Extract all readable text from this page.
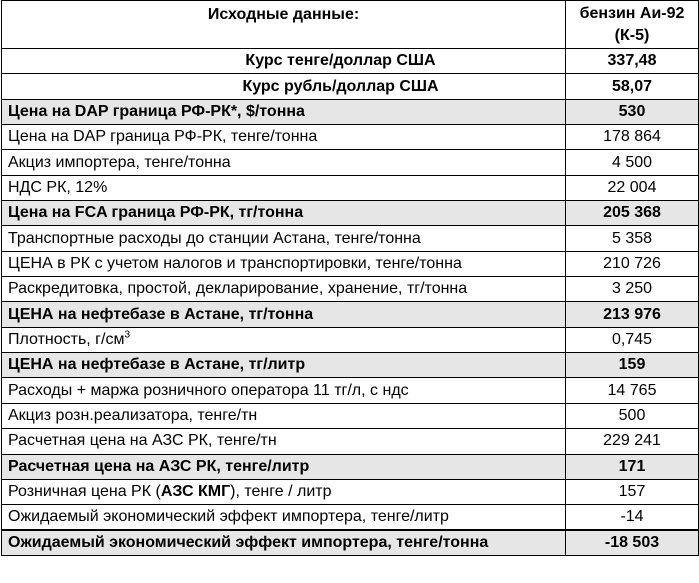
Исходные данные:	бензин Аи-92
(К-5)
Курс тенге/доллар США	337,48
Курс рубль/доллар США	58,07
Цена на DAP граница РФ-РК*, $/тонна	530
Цена на DAP граница РФ-РК, тенге/тонна	178 864
Акциз импортера, тенге/тонна	4 500
НДС РК, 12%	22 004
Цена на FCA граница РФ-РК, тг/тонна	205 368
Транспортные расходы до станции Астана, тенге/тонна	5 358
ЦЕНА в РК с учетом налогов и транспортировки, тенге/тонна	210 726
Раскредитовка, простой, декларирование, хранение, тг/тонна	3 250
ЦЕНА на нефтебазе в Астане, тг/тонна	213 976
Плотность, $г/см^3$	0,745
ЦЕНА на нефтебазе в Астане, тг/литр	159
Расходы + маржа розничного оператора 11 тг/л, с ндс	14 765
Акциз розн.реализатора, тенге/тн	500
Расчетная цена на АЗС РК, тенге/тн	229 241
Расчетная цена на АЗС РК, тенге/литр	171
Розничная цена РК (АЗС КМГ), тенге / литр	157
Ожидаемый экономический эффект импортера, тенге/литр	-14
Ожидаемый экономический эффект импортера, тенге/тонна	-18 503
